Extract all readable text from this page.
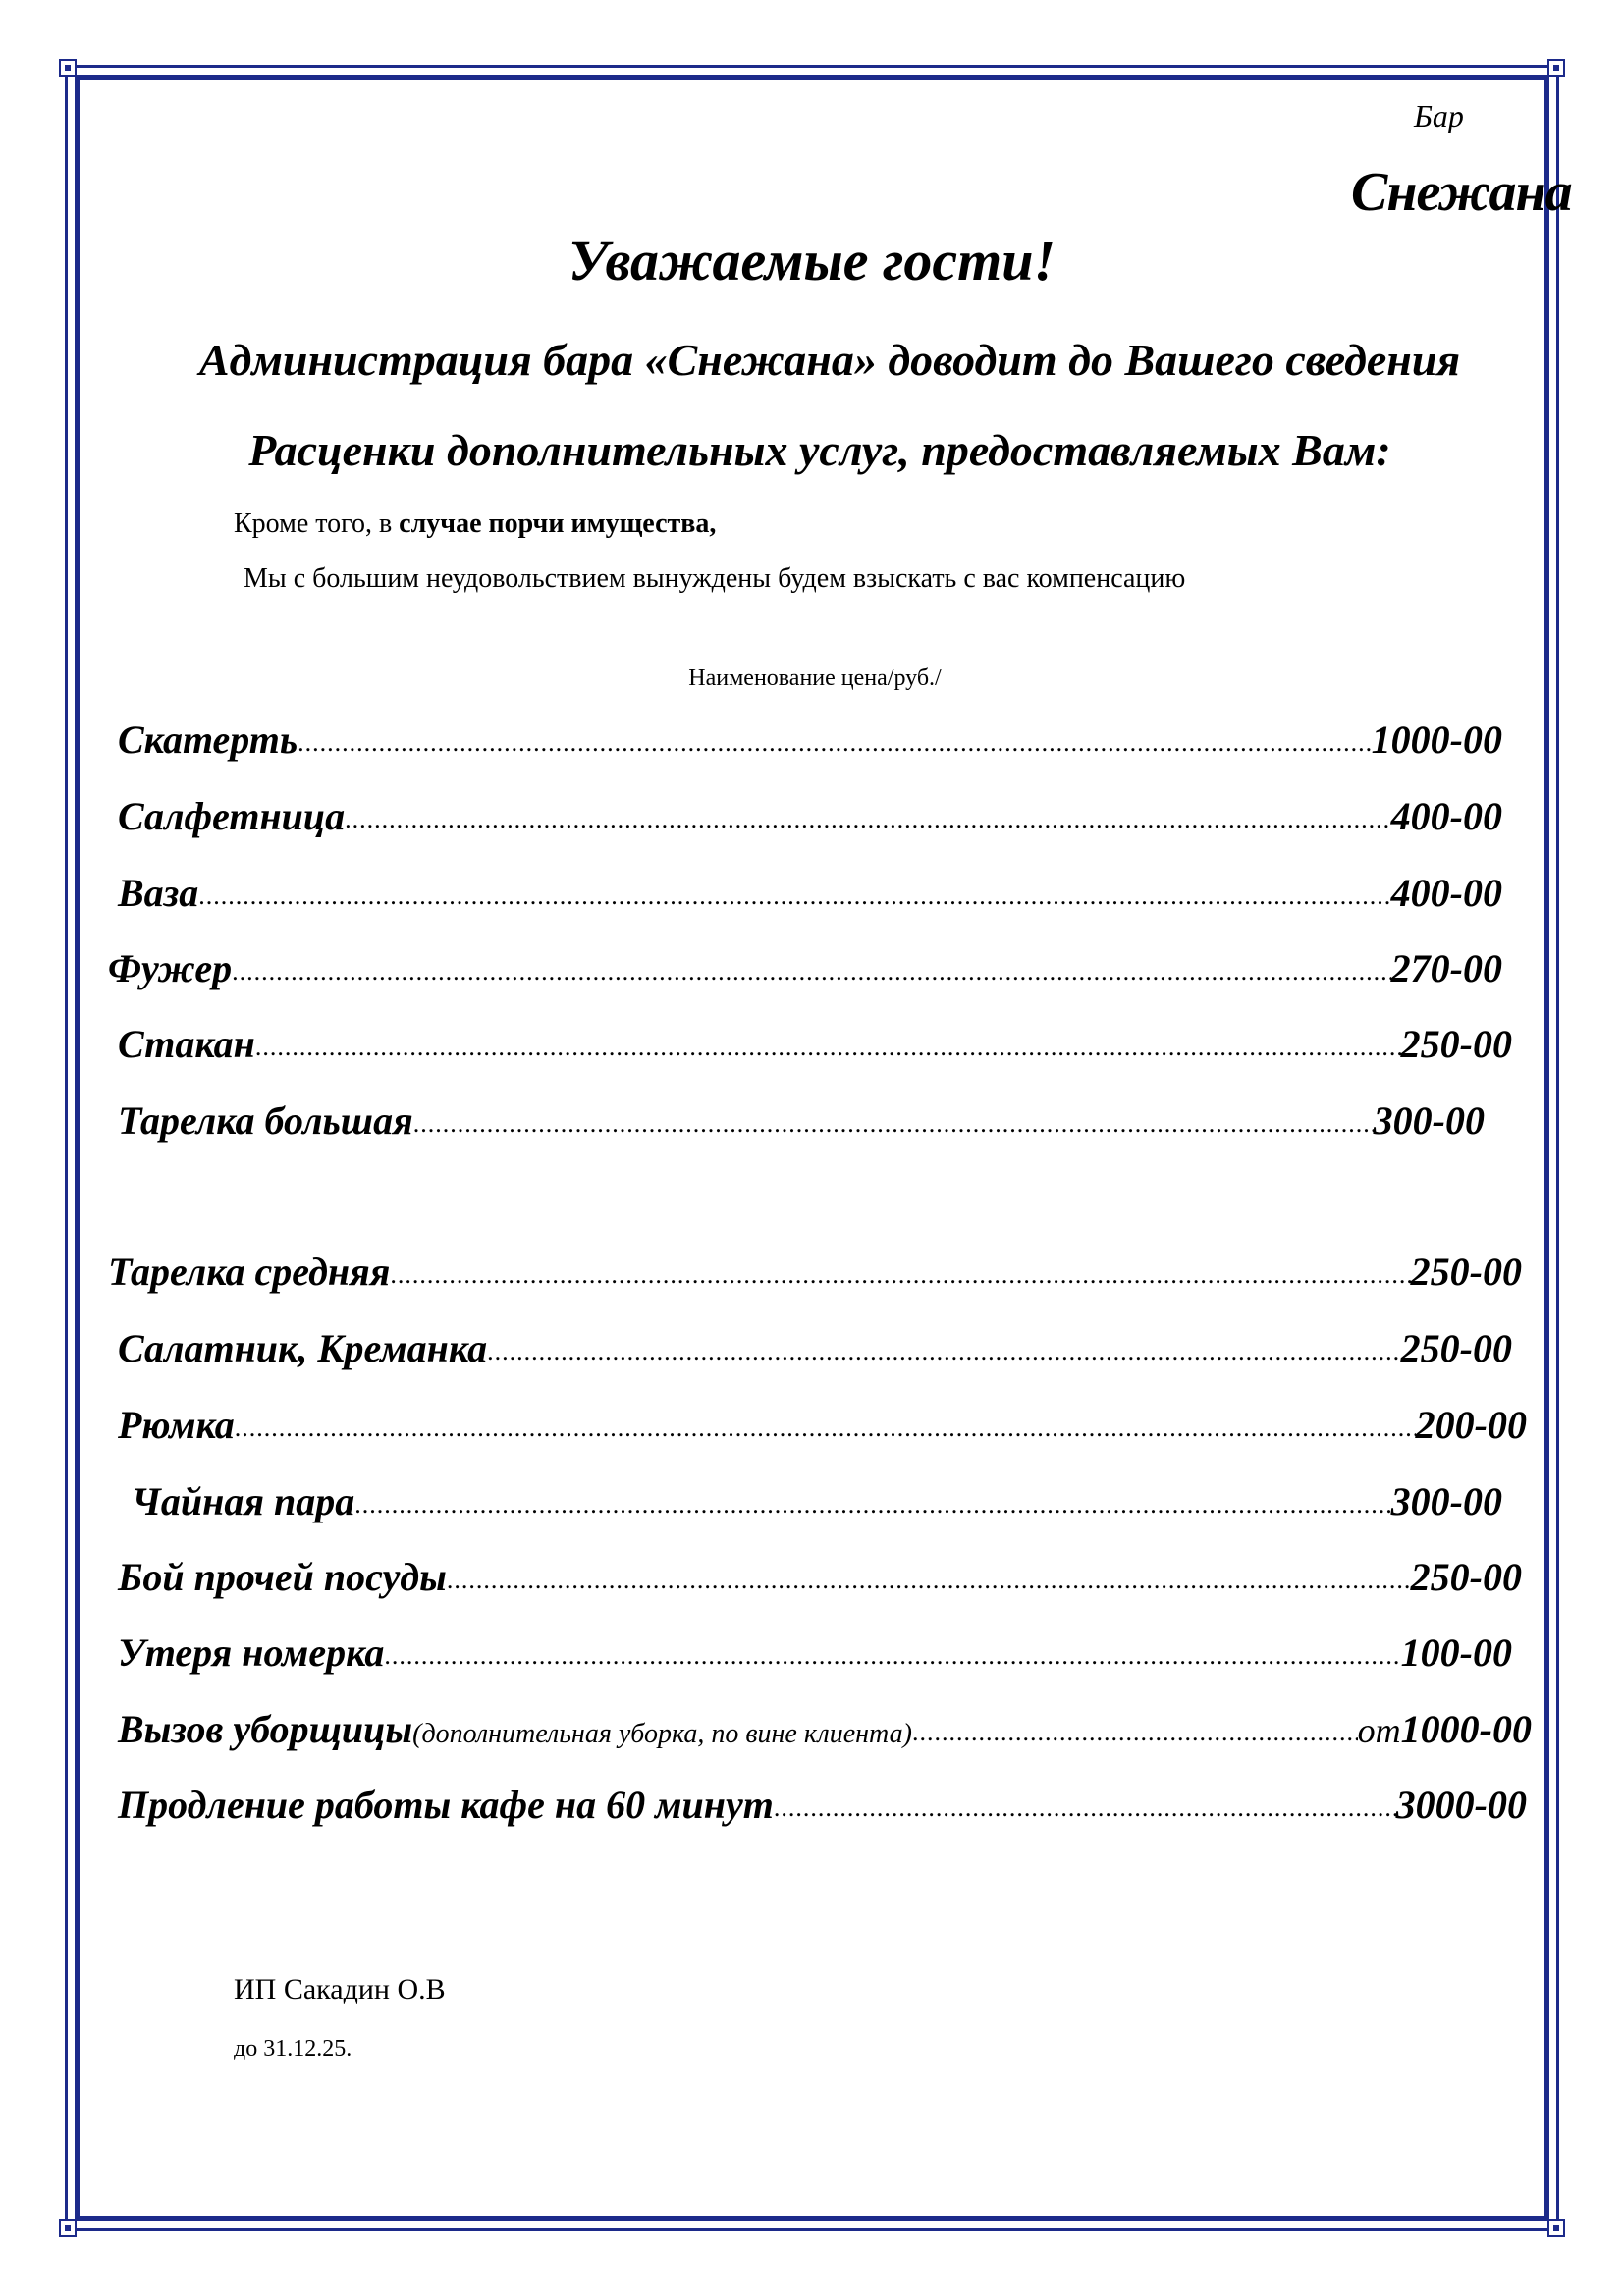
Бар
Снежана
Уважаемые гости!
Администрация бара «Снежана» доводит до Вашего сведения
Расценки дополнительных услуг, предоставляемых Вам:
Кроме того, в случае порчи имущества,
Мы с большим неудовольствием вынуждены будем взыскать с вас компенсацию
Наименование цена/руб./
Скатерть .....	1000-00
Салфетница .....	400-00
Ваза .....	400-00
Фужер .....	270-00
Стакан .....	250-00
Тарелка большая .....	300-00
Тарелка средняя .....	250-00
Салатник, Креманка .....	250-00
Рюмка .....	200-00
Чайная пара .....	300-00
Бой прочей посуды .....	250-00
Утеря номерка .....	100-00
Вызов уборщицы (дополнительная уборка, по вине клиента) .....	от 1000-00
Продление работы кафе на 60 минут .....	3000-00
ИП Сакадин О.В
до 31.12.25.
